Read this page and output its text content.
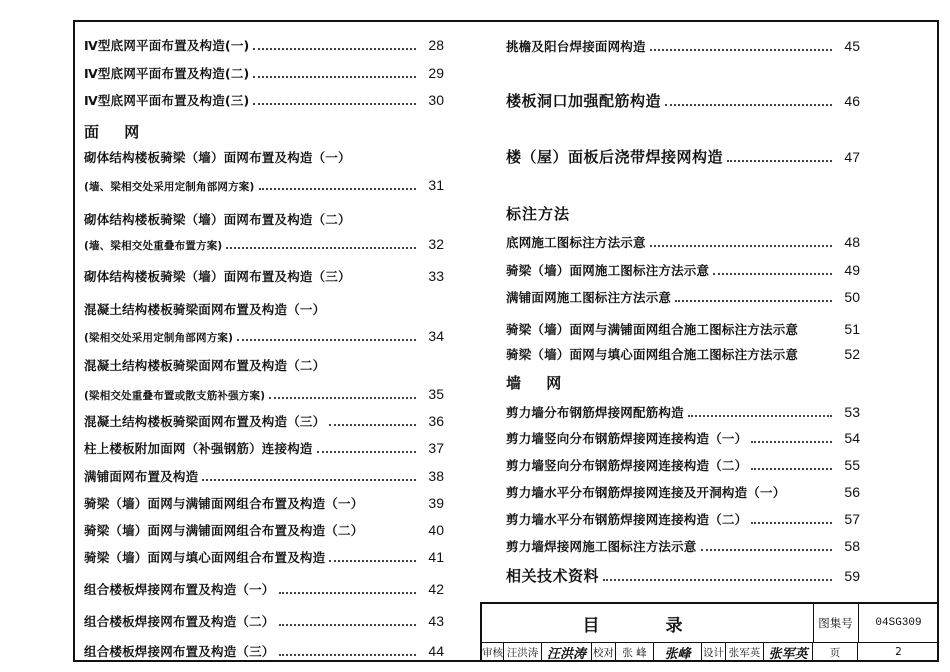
Ⅳ型底网平面布置及构造(一)	28
Ⅳ型底网平面布置及构造(二)	29
Ⅳ型底网平面布置及构造(三)	30
面 网
砌体结构楼板骑梁（墙）面网布置及构造（一）
(墙、梁相交处采用定制角部网方案)	31
砌体结构楼板骑梁（墙）面网布置及构造（二）
(墙、梁相交处重叠布置方案)	32
砌体结构楼板骑梁（墙）面网布置及构造（三）	33
混凝土结构楼板骑梁面网布置及构造（一）
(梁相交处采用定制角部网方案)	34
混凝土结构楼板骑梁面网布置及构造（二）
(梁相交处重叠布置或散支筋补强方案)	35
混凝土结构楼板骑梁面网布置及构造（三）	36
柱上楼板附加面网（补强钢筋）连接构造	37
满铺面网布置及构造	38
骑梁（墙）面网与满铺面网组合布置及构造（一）	39
骑梁（墙）面网与满铺面网组合布置及构造（二）	40
骑梁（墙）面网与填心面网组合布置及构造	41
组合楼板焊接网布置及构造（一）	42
组合楼板焊接网布置及构造（二）	43
组合楼板焊接网布置及构造（三）	44
挑檐及阳台焊接面网构造	45
楼板洞口加强配筋构造	46
楼（屋）面板后浇带焊接网构造	47
标注方法
底网施工图标注方法示意	48
骑梁（墙）面网施工图标注方法示意	49
满铺面网施工图标注方法示意	50
骑梁（墙）面网与满铺面网组合施工图标注方法示意	51
骑梁（墙）面网与填心面网组合施工图标注方法示意	52
墙 网
剪力墙分布钢筋焊接网配筋构造	53
剪力墙竖向分布钢筋焊接网连接构造（一）	54
剪力墙竖向分布钢筋焊接网连接构造（二）	55
剪力墙水平分布钢筋焊接网连接及开洞构造（一）	56
剪力墙水平分布钢筋焊接网连接构造（二）	57
剪力墙焊接网施工图标注方法示意	58
相关技术资料	59
目 录	图集号	04SG309
审核 汪洪涛 汪洪涛 校对 张 峰	张峰	设计 张军英 张军英	页	2
